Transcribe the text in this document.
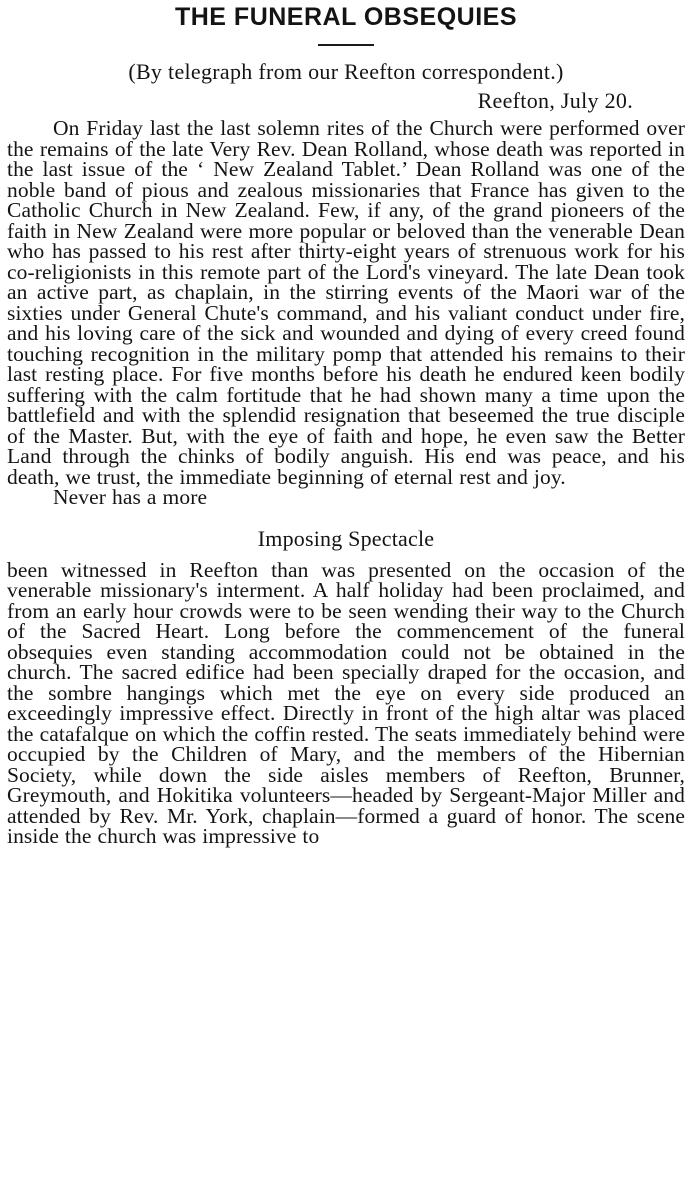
THE FUNERAL OBSEQUIES

(By telegraph from our Reefton correspondent.)

Reefton, July 20.

On Friday last the last solemn rites of the Church were performed over the remains of the late Very Rev. Dean Rolland, whose death was reported in the last issue of the ‘ New Zealand Tablet.’ Dean Rolland was one of the noble band of pious and zealous missionaries that France has given to the Catholic Church in New Zealand. Few, if any, of the grand pioneers of the faith in New Zealand were more popular or beloved than the venerable Dean who has passed to his rest after thirty-eight years of strenuous work for his co-religionists in this remote part of the Lord's vineyard. The late Dean took an active part, as chaplain, in the stirring events of the Maori war of the sixties under General Chute's command, and his valiant conduct under fire, and his loving care of the sick and wounded and dying of every creed found touching recognition in the military pomp that attended his remains to their last resting place. For five months before his death he endured keen bodily suffering with the calm fortitude that he had shown many a time upon the battlefield and with the splendid resignation that beseemed the true disciple of the Master. But, with the eye of faith and hope, he even saw the Better Land through the chinks of bodily anguish. His end was peace, and his death, we trust, the immediate beginning of eternal rest and joy.

Never has a more

Imposing Spectacle

been witnessed in Reefton than was presented on the occasion of the venerable missionary's interment. A half holiday had been proclaimed, and from an early hour crowds were to be seen wending their way to the Church of the Sacred Heart. Long before the commencement of the funeral obsequies even standing accommodation could not be obtained in the church. The sacred edifice had been specially draped for the occasion, and the sombre hangings which met the eye on every side produced an exceedingly impressive effect. Directly in front of the high altar was placed the catafalque on which the coffin rested. The seats immediately behind were occupied by the Children of Mary, and the members of the Hibernian Society, while down the side aisles members of Reefton, Brunner, Greymouth, and Hokitika volunteers—headed by Sergeant-Major Miller and attended by Rev. Mr. York, chaplain—formed a guard of honor. The scene inside the church was impressive to
